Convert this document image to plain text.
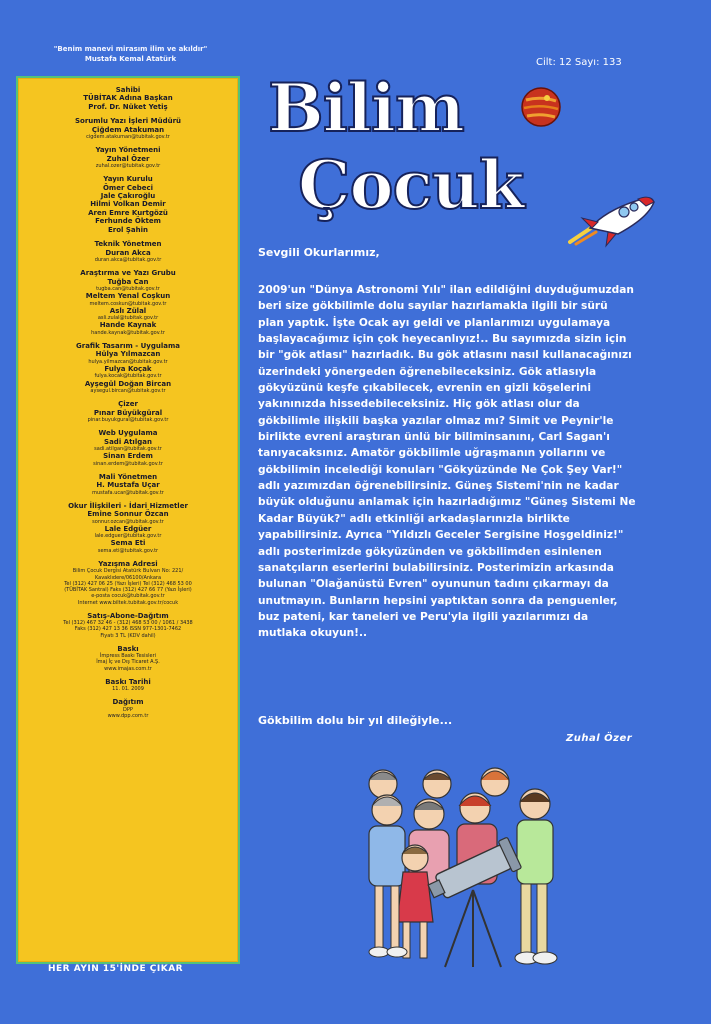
"Benim manevi mirasım ilim ve akıldır"
Mustafa Kemal Atatürk
Sahibi
TÜBİTAK Adına Başkan
Prof. Dr. Nüket Yetiş
Sorumlu Yazı İşleri Müdürü
Çiğdem Atakuman
cigdem.atakuman@tubitak.gov.tr
Yayın Yönetmeni
Zuhal Özer
zuhal.ozer@tubitak.gov.tr
Yayın Kurulu
Ömer Cebeci
Jale Çakıroğlu
Hilmi Volkan Demir
Aren Emre Kurtgözü
Ferhunde Öktem
Erol Şahin
Teknik Yönetmen
Duran Akca
duran.akca@tubitak.gov.tr
Araştırma ve Yazı Grubu
Tuğba Can
tugba.can@tubitak.gov.tr
Meltem Yenal Coşkun
meltem.coskun@tubitak.gov.tr
Aslı Zülal
asli.zulal@tubitak.gov.tr
Hande Kaynak
hande.kaynak@tubitak.gov.tr
Grafik Tasarım - Uygulama
Hülya Yılmazcan
hulya.yilmazcan@tubitak.gov.tr
Fulya Koçak
fulya.kocak@tubitak.gov.tr
Ayşegül Doğan Bircan
aysegul.bircan@tubitak.gov.tr
Çizer
Pınar Büyükgüral
pinar.buyukgural@tubitak.gov.tr
Web Uygulama
Sadi Atılgan
sadi.atilgan@tubitak.gov.tr
Sinan Erdem
sinan.erdem@tubitak.gov.tr
Mali Yönetmen
H. Mustafa Uçar
mustafa.ucar@tubitak.gov.tr
Okur İlişkileri - İdari Hizmetler
Emine Sonnur Özcan
sonnur.ozcan@tubitak.gov.tr
Lale Edgüer
lale.edguer@tubitak.gov.tr
Sema Eti
sema.eti@tubitak.gov.tr
Yazışma Adresi
Bilim Çocuk Dergisi Atatürk Bulvarı No: 221/
Kavaklıdere/06100/Ankara
Tel (312) 427 06 25 (Yazı İşleri) Tel (312) 468 53 00
(TÜBİTAK Santral) Faks (312) 427 66 77 (Yazı İşleri)
e-posta cocuk@tubitak.gov.tr
Internet www.biltek.tubitak.gov.tr/cocuk
Satış-Abone-Dağıtım
Tel (312) 467 32 46 - (312) 468 53 00 / 1061 / 3438
Faks (312) 427 13 36 ISSN 977-1301-7462
Fiyatı 3 TL (KDV dahil)
Baskı
İmpress Baskı Tesisleri
İmaj İç ve Dış Ticaret A.Ş.
www.imajas.com.tr
Baskı Tarihi
11. 01. 2009
Dağıtım
DPP
www.dpp.com.tr
HER AYIN 15'İNDE ÇIKAR
Cilt: 12 Sayı: 133
Bilim
Çocuk
Sevgili Okurlarımız,
2009'un "Dünya Astronomi Yılı" ilan edildiğini duyduğumuzdan
beri size gökbilimle dolu sayılar hazırlamakla ilgili bir sürü
plan yaptık. İşte Ocak ayı geldi ve planlarımızı uygulamaya
başlayacağımız için çok heyecanlıyız!.. Bu sayımızda sizin için
bir "gök atlası" hazırladık. Bu gök atlasını nasıl kullanacağınızı
üzerindeki yönergeden öğrenebileceksiniz. Gök atlasıyla
gökyüzünü keşfe çıkabilecek, evrenin en gizli köşelerini
yakınınızda hissedebileceksiniz. Hiç gök atlası olur da
gökbilimle ilişkili başka yazılar olmaz mı? Simit ve Peynir'le
birlikte evreni araştıran ünlü bir biliminsanını, Carl Sagan'ı
tanıyacaksınız. Amatör gökbilimle uğraşmanın yollarını ve
gökbilimin incelediği konuları "Gökyüzünde Ne Çok Şey Var!"
adlı yazımızdan öğrenebilirsiniz. Güneş Sistemi'nin ne kadar
büyük olduğunu anlamak için hazırladığımız "Güneş Sistemi Ne
Kadar Büyük?" adlı etkinliği arkadaşlarınızla birlikte
yapabilirsiniz. Ayrıca "Yıldızlı Geceler Sergisine Hoşgeldiniz!"
adlı posterimizde gökyüzünden ve gökbilimden esinlenen
sanatçıların eserlerini bulabilirsiniz. Posterimizin arkasında
bulunan "Olağanüstü Evren" oyununun tadını çıkarmayı da
unutmayın. Bunların hepsini yaptıktan sonra da penguenler,
buz pateni, kar taneleri ve Peru'yla ilgili yazılarımızı da
mutlaka okuyun!..
Gökbilim dolu bir yıl dileğiyle...
Zuhal Özer
